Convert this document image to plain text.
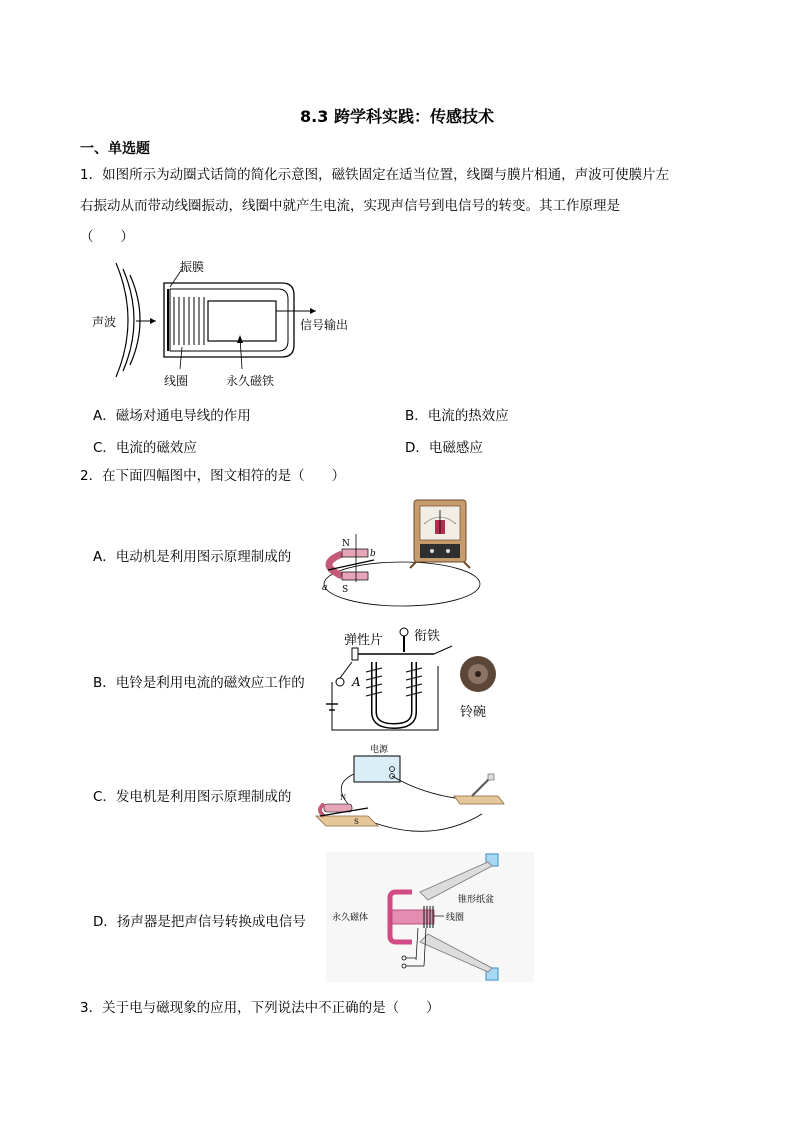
8.3 跨学科实践：传感技术
一、单选题
1．如图所示为动圈式话筒的简化示意图，磁铁固定在适当位置，线圈与膜片相通，声波可使膜片左
右振动从而带动线圈振动，线圈中就产生电流，实现声信号到电信号的转变。其工作原理是
（　　）
振膜
声波	信号输出
线圈	永久磁铁
A．磁场对通电导线的作用	B．电流的热效应
C．电流的磁效应	D．电磁感应
2．在下面四幅图中，图文相符的是（　　）
A．电动机是利用图示原理制成的
N
S
a
b
B．电铃是利用电流的磁效应工作的
弹性片 衔铁
A
铃碗
C．发电机是利用图示原理制成的
电源
N
S
D．扬声器是把声信号转换成电信号
锥形纸盆
永久磁体	线圈
3．关于电与磁现象的应用，下列说法中不正确的是（　　）
